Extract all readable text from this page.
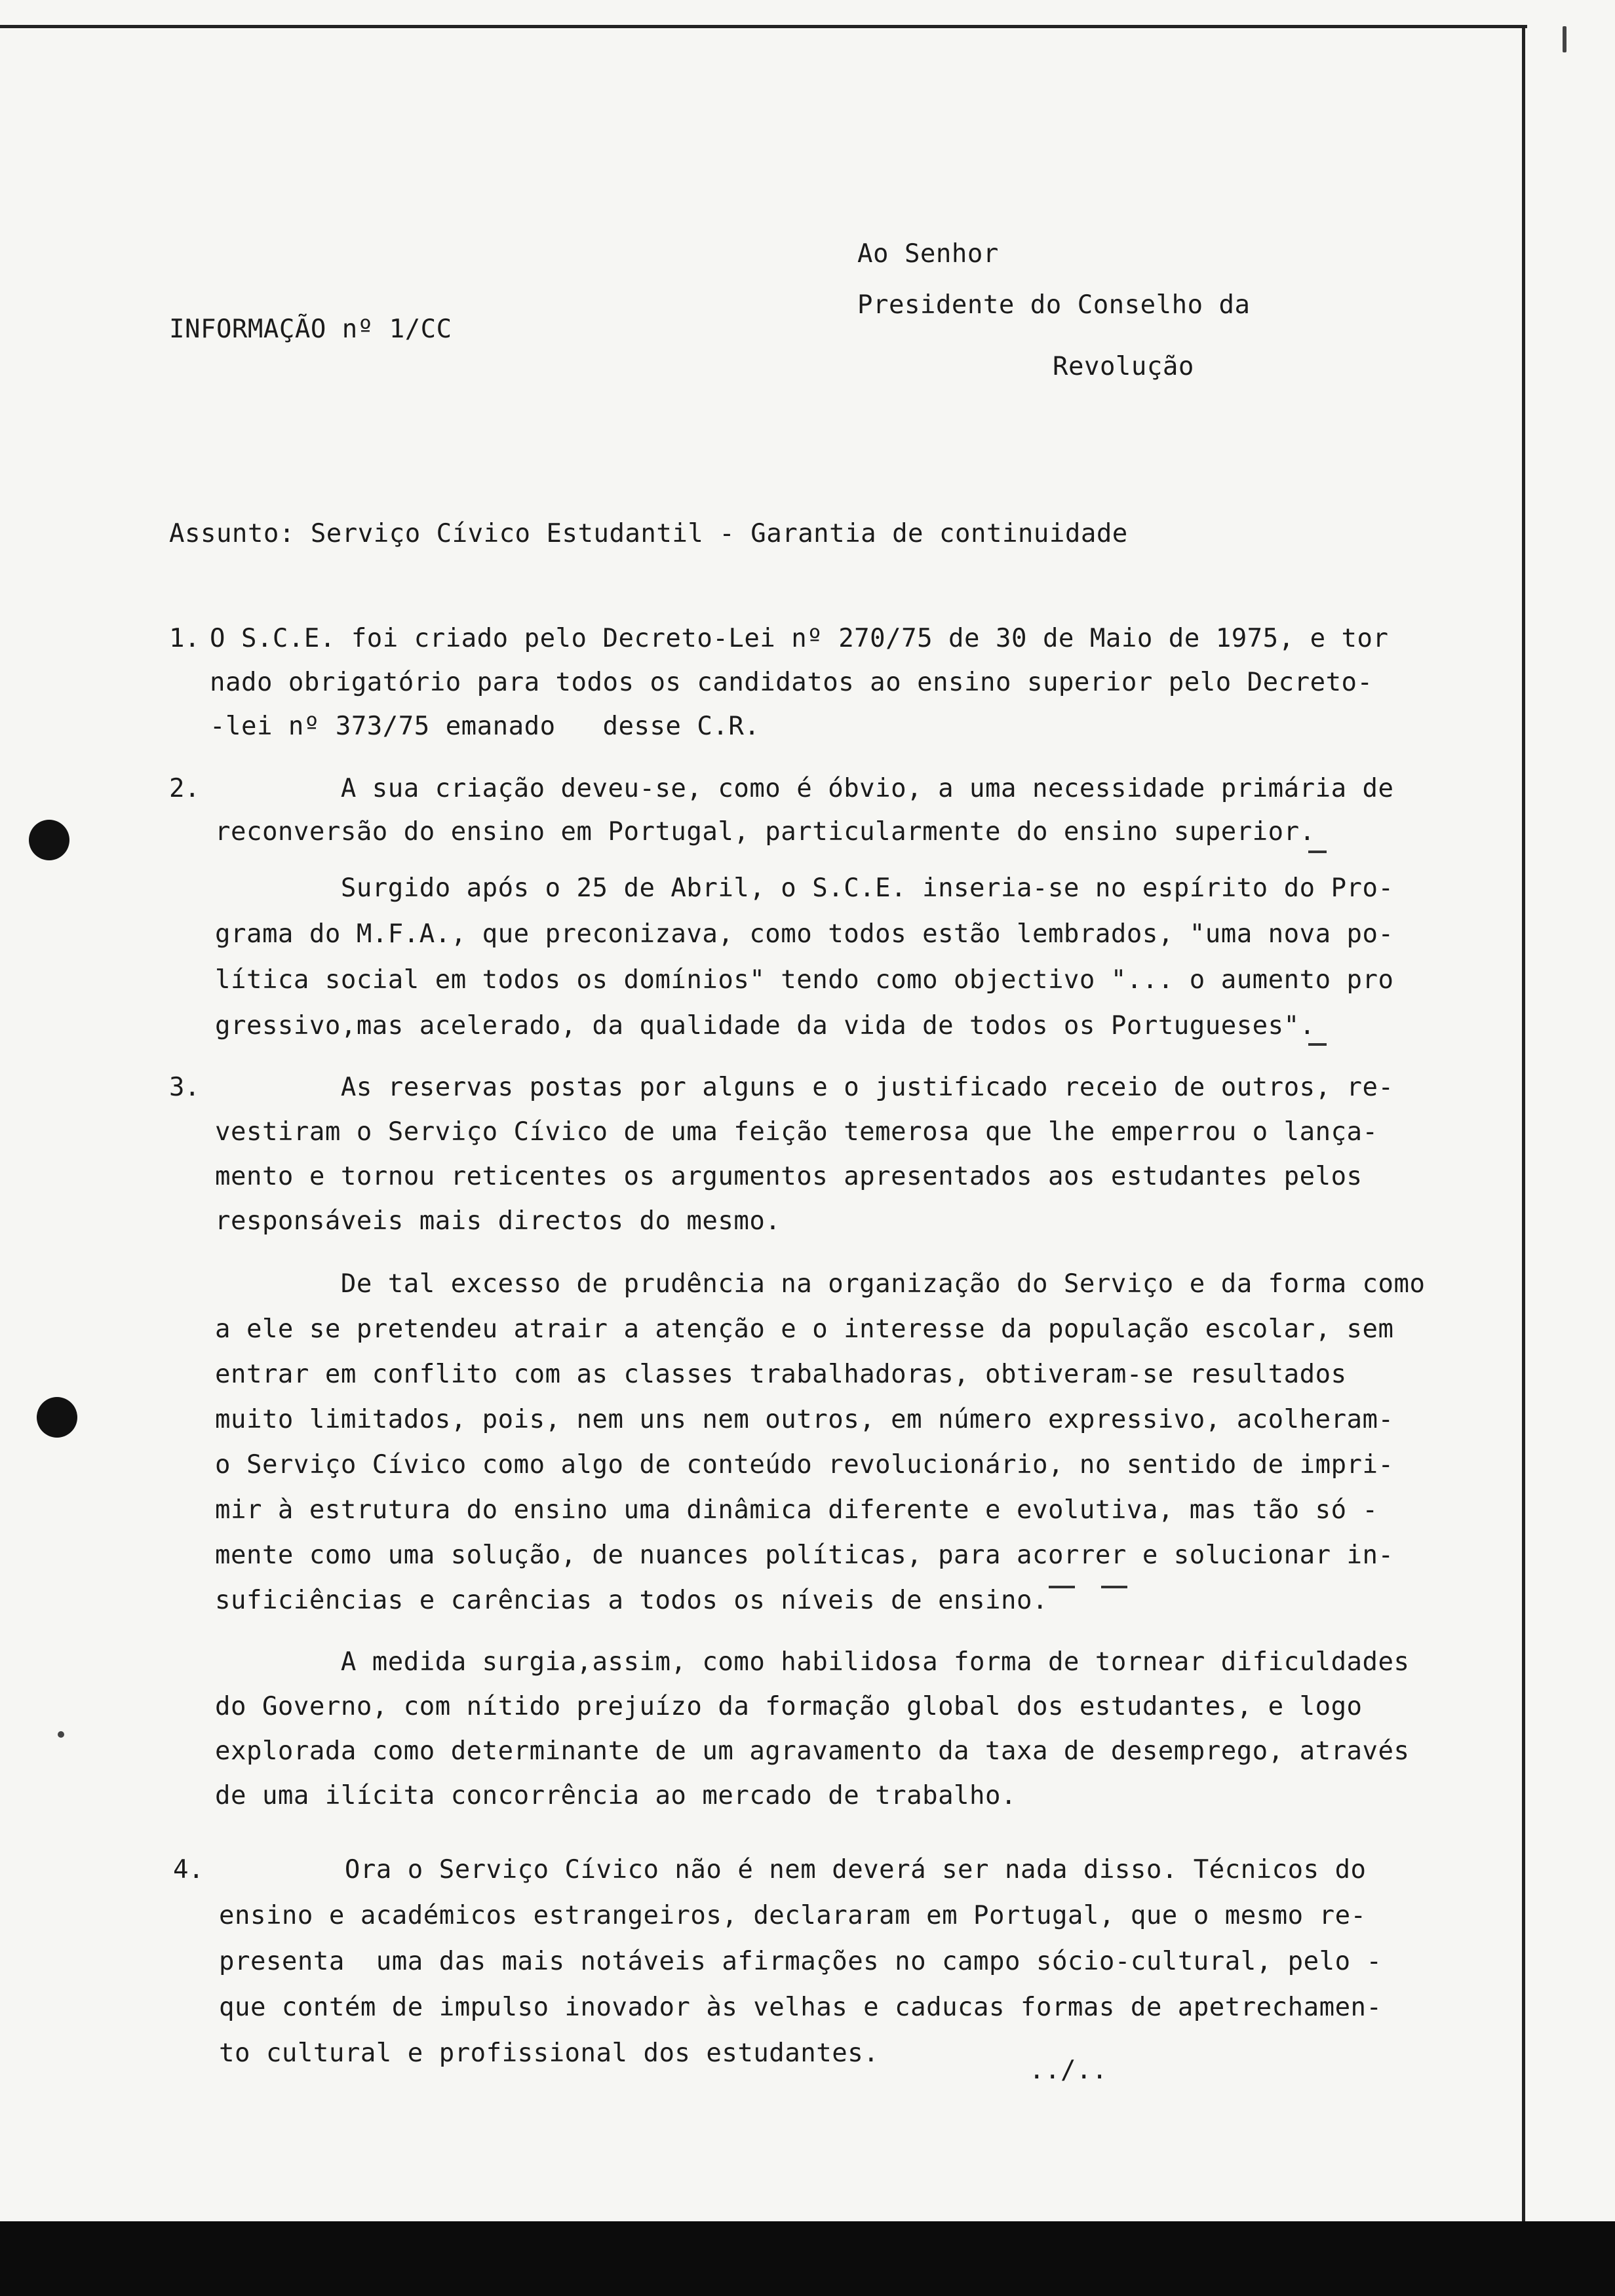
INFORMAÇÃO nº 1/CC
Ao Senhor
Presidente do Conselho da
Revolução
Assunto: Serviço Cívico Estudantil - Garantia de continuidade
1. O S.C.E. foi criado pelo Decreto-Lei nº 270/75 de 30 de Maio de 1975, e tor
nado obrigatório para todos os candidatos ao ensino superior pelo Decreto-
-lei nº 373/75 emanado   desse C.R.
2. A sua criação deveu-se, como é óbvio, a uma necessidade primária de
reconversão do ensino em Portugal, particularmente do ensino superior.
Surgido após o 25 de Abril, o S.C.E. inseria-se no espírito do Pro-
grama do M.F.A., que preconizava, como todos estão lembrados, "uma nova po-
lítica social em todos os domínios" tendo como objectivo "... o aumento pro
gressivo,mas acelerado, da qualidade da vida de todos os Portugueses".
3. As reservas postas por alguns e o justificado receio de outros, re-
vestiram o Serviço Cívico de uma feição temerosa que lhe emperrou o lança-
mento e tornou reticentes os argumentos apresentados aos estudantes pelos
responsáveis mais directos do mesmo.
De tal excesso de prudência na organização do Serviço e da forma como
a ele se pretendeu atrair a atenção e o interesse da população escolar, sem
entrar em conflito com as classes trabalhadoras, obtiveram-se resultados
muito limitados, pois, nem uns nem outros, em número expressivo, acolheram-
o Serviço Cívico como algo de conteúdo revolucionário, no sentido de impri-
mir à estrutura do ensino uma dinâmica diferente e evolutiva, mas tão só -
mente como uma solução, de nuances políticas, para acorrer e solucionar in-
suficiências e carências a todos os níveis de ensino.
A medida surgia,assim, como habilidosa forma de tornear dificuldades
do Governo, com nítido prejuízo da formação global dos estudantes, e logo
explorada como determinante de um agravamento da taxa de desemprego, através
de uma ilícita concorrência ao mercado de trabalho.
4. Ora o Serviço Cívico não é nem deverá ser nada disso. Técnicos do
ensino e académicos estrangeiros, declararam em Portugal, que o mesmo re-
presenta  uma das mais notáveis afirmações no campo sócio-cultural, pelo -
que contém de impulso inovador às velhas e caducas formas de apetrechamen-
to cultural e profissional dos estudantes.
../..
